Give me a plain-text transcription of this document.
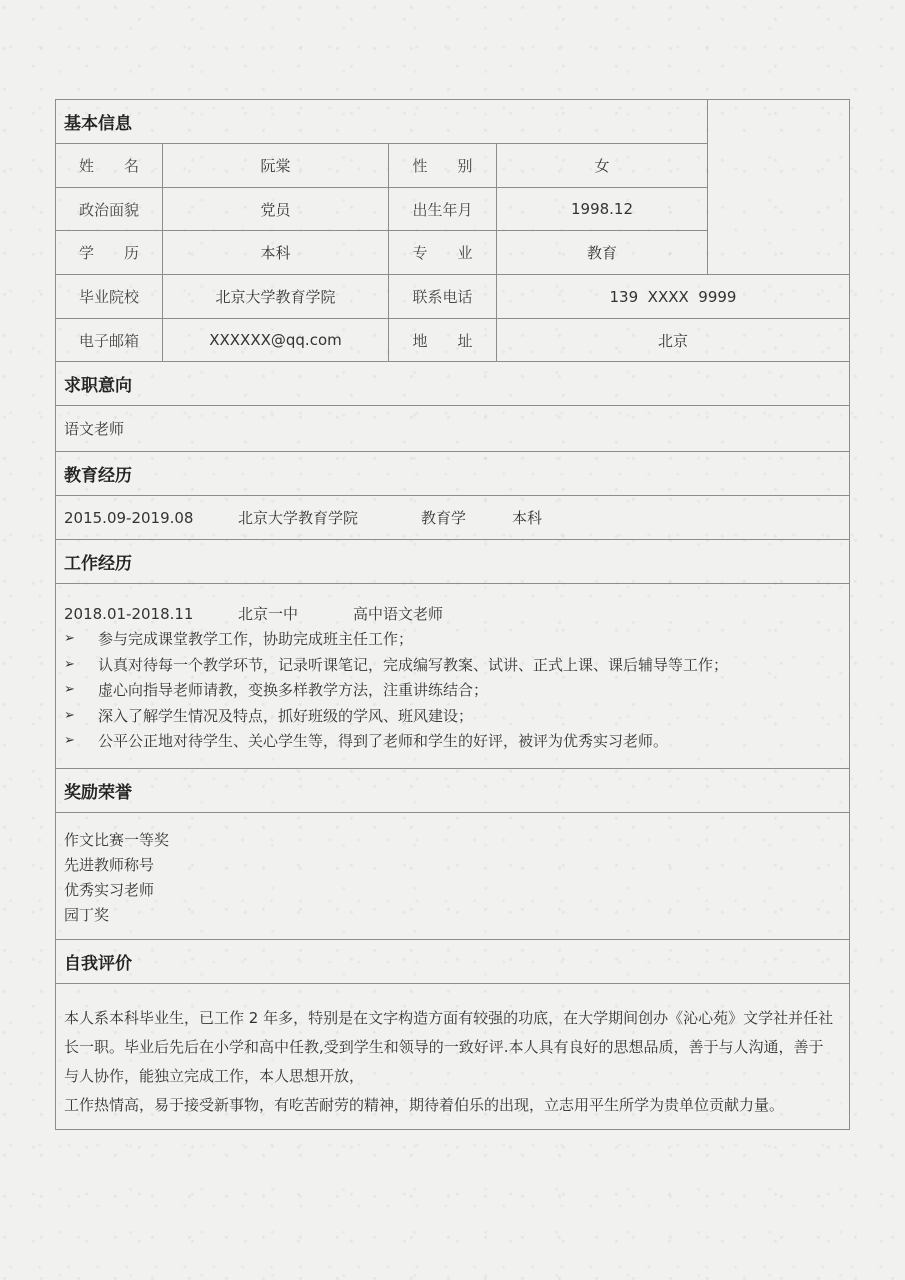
基本信息
姓　　名	阮棠	性　　别	女
政治面貌	党员	出生年月	1998.12
学　　历	本科	专　　业	教育
毕业院校	北京大学教育学院	联系电话	139  XXXX  9999
电子邮箱	XXXXXX@qq.com	地　　址	北京
求职意向
语文老师
教育经历
2015.09-2019.08	北京大学教育学院	教育学	本科
工作经历
2018.01-2018.11	北京一中	高中语文老师
➢	参与完成课堂教学工作，协助完成班主任工作；
➢	认真对待每一个教学环节，记录听课笔记，完成编写教案、试讲、正式上课、课后辅导等工作；
➢	虚心向指导老师请教，变换多样教学方法，注重讲练结合；
➢	深入了解学生情况及特点，抓好班级的学风、班风建设；
➢	公平公正地对待学生、关心学生等，得到了老师和学生的好评，被评为优秀实习老师。
奖励荣誉
作文比赛一等奖
先进教师称号
优秀实习老师
园丁奖
自我评价
本人系本科毕业生，已工作 2 年多，特别是在文字构造方面有较强的功底，在大学期间创办《沁心苑》文学社并任社
长一职。毕业后先后在小学和高中任教,受到学生和领导的一致好评.本人具有良好的思想品质，善于与人沟通，善于
与人协作，能独立完成工作，本人思想开放，
工作热情高，易于接受新事物，有吃苦耐劳的精神，期待着伯乐的出现，立志用平生所学为贵单位贡献力量。
